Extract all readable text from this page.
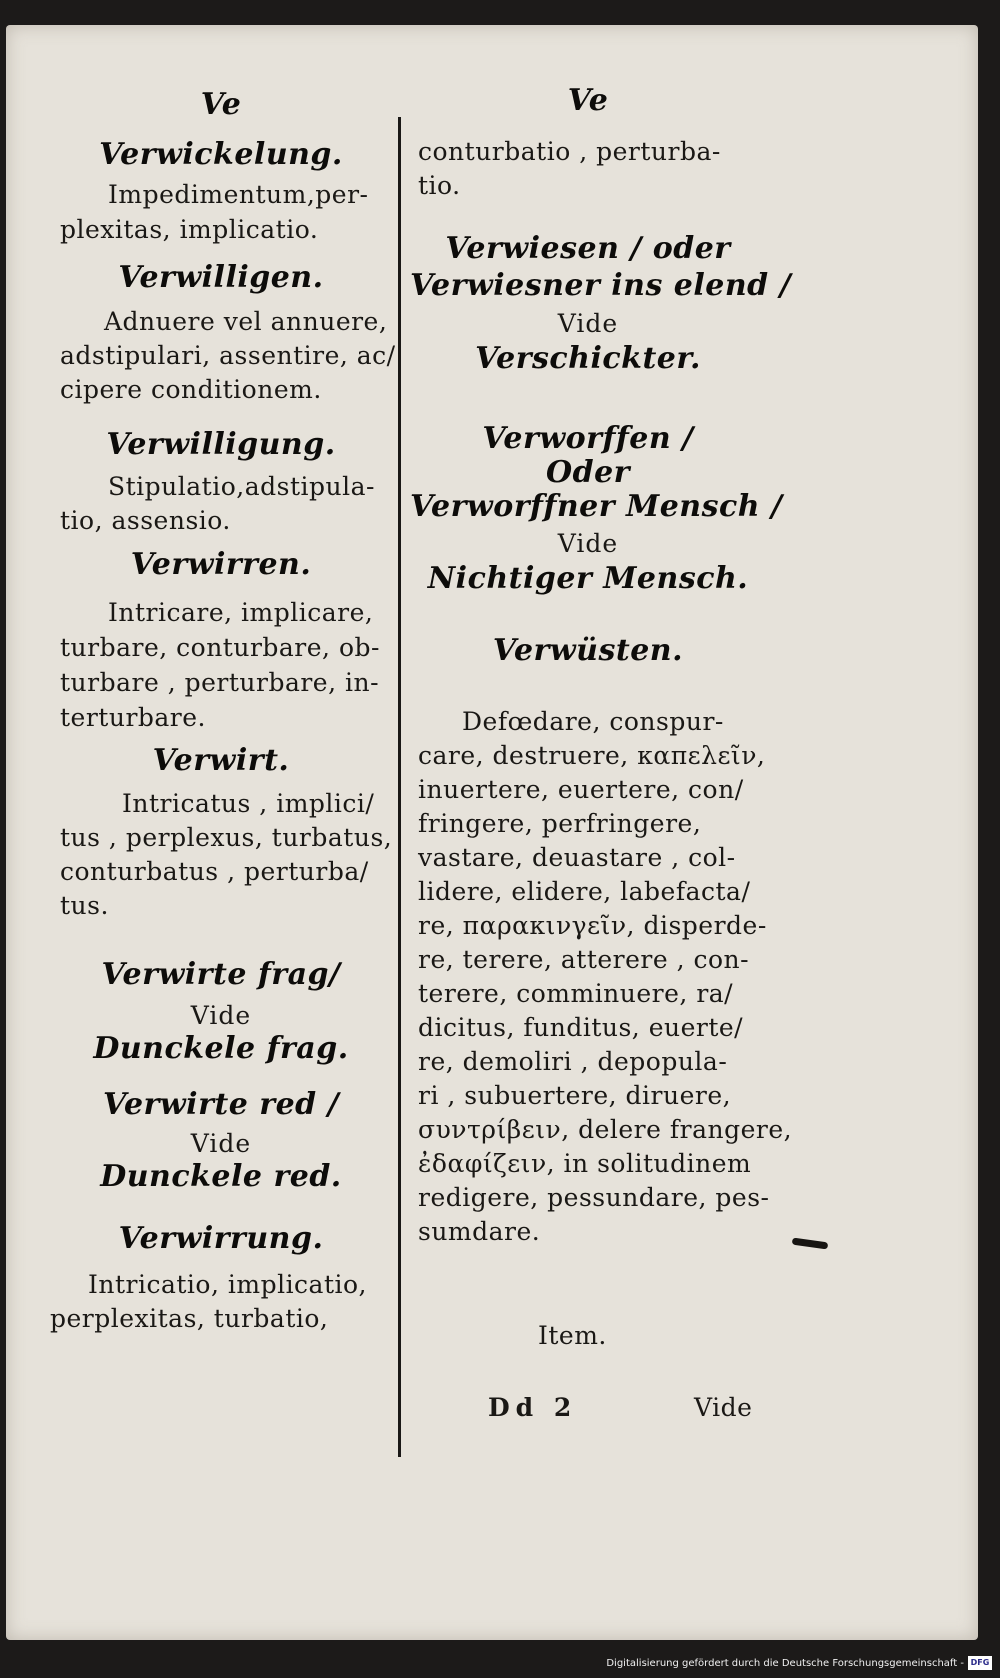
Ve
Verwickelung.
Impedimentum,per-
plexitas, implicatio.
Verwilligen.
Adnuere vel annuere,
adstipulari, assentire, ac/
cipere conditionem.
Verwilligung.
Stipulatio,adstipula-
tio, assensio.
Verwirren.
Intricare, implicare,
turbare, conturbare, ob-
turbare , perturbare, in-
terturbare.
Verwirt.
Intricatus , implici/
tus , perplexus, turbatus,
conturbatus , perturba/
tus.
Verwirte frag/
Vide
Dunckele frag.
Verwirte red /
Vide
Dunckele red.
Verwirrung.
Intricatio, implicatio,
perplexitas, turbatio,
Ve
conturbatio , perturba-
tio.
Verwiesen / oder
Verwiesner ins elend /
Vide
Verschickter.
Verworffen /
Oder
Verworffner Mensch /
Vide
Nichtiger Mensch.
Verwüsten.
Defœdare, conspur-
care, destruere, καπελεῖν,
inuertere, euertere, con/
fringere, perfringere,
vastare, deuastare , col-
lidere, elidere, labefacta/
re, παρακινγεῖν, disperde-
re, terere, atterere , con-
terere, comminuere, ra/
dicitus, funditus, euerte/
re, demoliri , depopula-
ri , subuertere, diruere,
συντρίβειν, delere frangere,
ἐδαφίζειν, in solitudinem
redigere, pessundare, pes-
sumdare.
Item.
Dd 2	Vide
Digitalisierung gefördert durch die Deutsche Forschungsgemeinschaft - DFG
